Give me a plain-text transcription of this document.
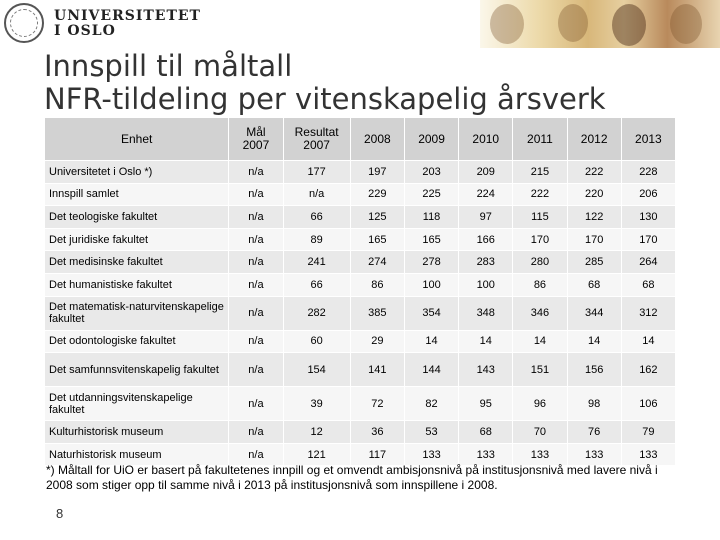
UNIVERSITETET
I OSLO
Innspill til måltall
NFR-tildeling per vitenskapelig årsverk
Enhet	Mål 2007	Resultat 2007	2008	2009	2010	2011	2012	2013
Universitetet i Oslo *)	n/a	177	197	203	209	215	222	228
Innspill samlet	n/a	n/a	229	225	224	222	220	206
Det teologiske fakultet	n/a	66	125	118	97	115	122	130
Det juridiske fakultet	n/a	89	165	165	166	170	170	170
Det medisinske fakultet	n/a	241	274	278	283	280	285	264
Det humanistiske fakultet	n/a	66	86	100	100	86	68	68
Det matematisk-naturvitenskapelige fakultet	n/a	282	385	354	348	346	344	312
Det odontologiske fakultet	n/a	60	29	14	14	14	14	14
Det samfunnsvitenskapelig fakultet	n/a	154	141	144	143	151	156	162
Det utdanningsvitenskapelige fakultet	n/a	39	72	82	95	96	98	106
Kulturhistorisk museum	n/a	12	36	53	68	70	76	79
Naturhistorisk museum	n/a	121	117	133	133	133	133	133
*) Måltall for UiO er basert på fakultetenes innpill og et omvendt ambisjonsnivå på institusjonsnivå med lavere nivå i 2008 som stiger opp til samme nivå i 2013 på institusjonsnivå som innspillene i 2008.
8
